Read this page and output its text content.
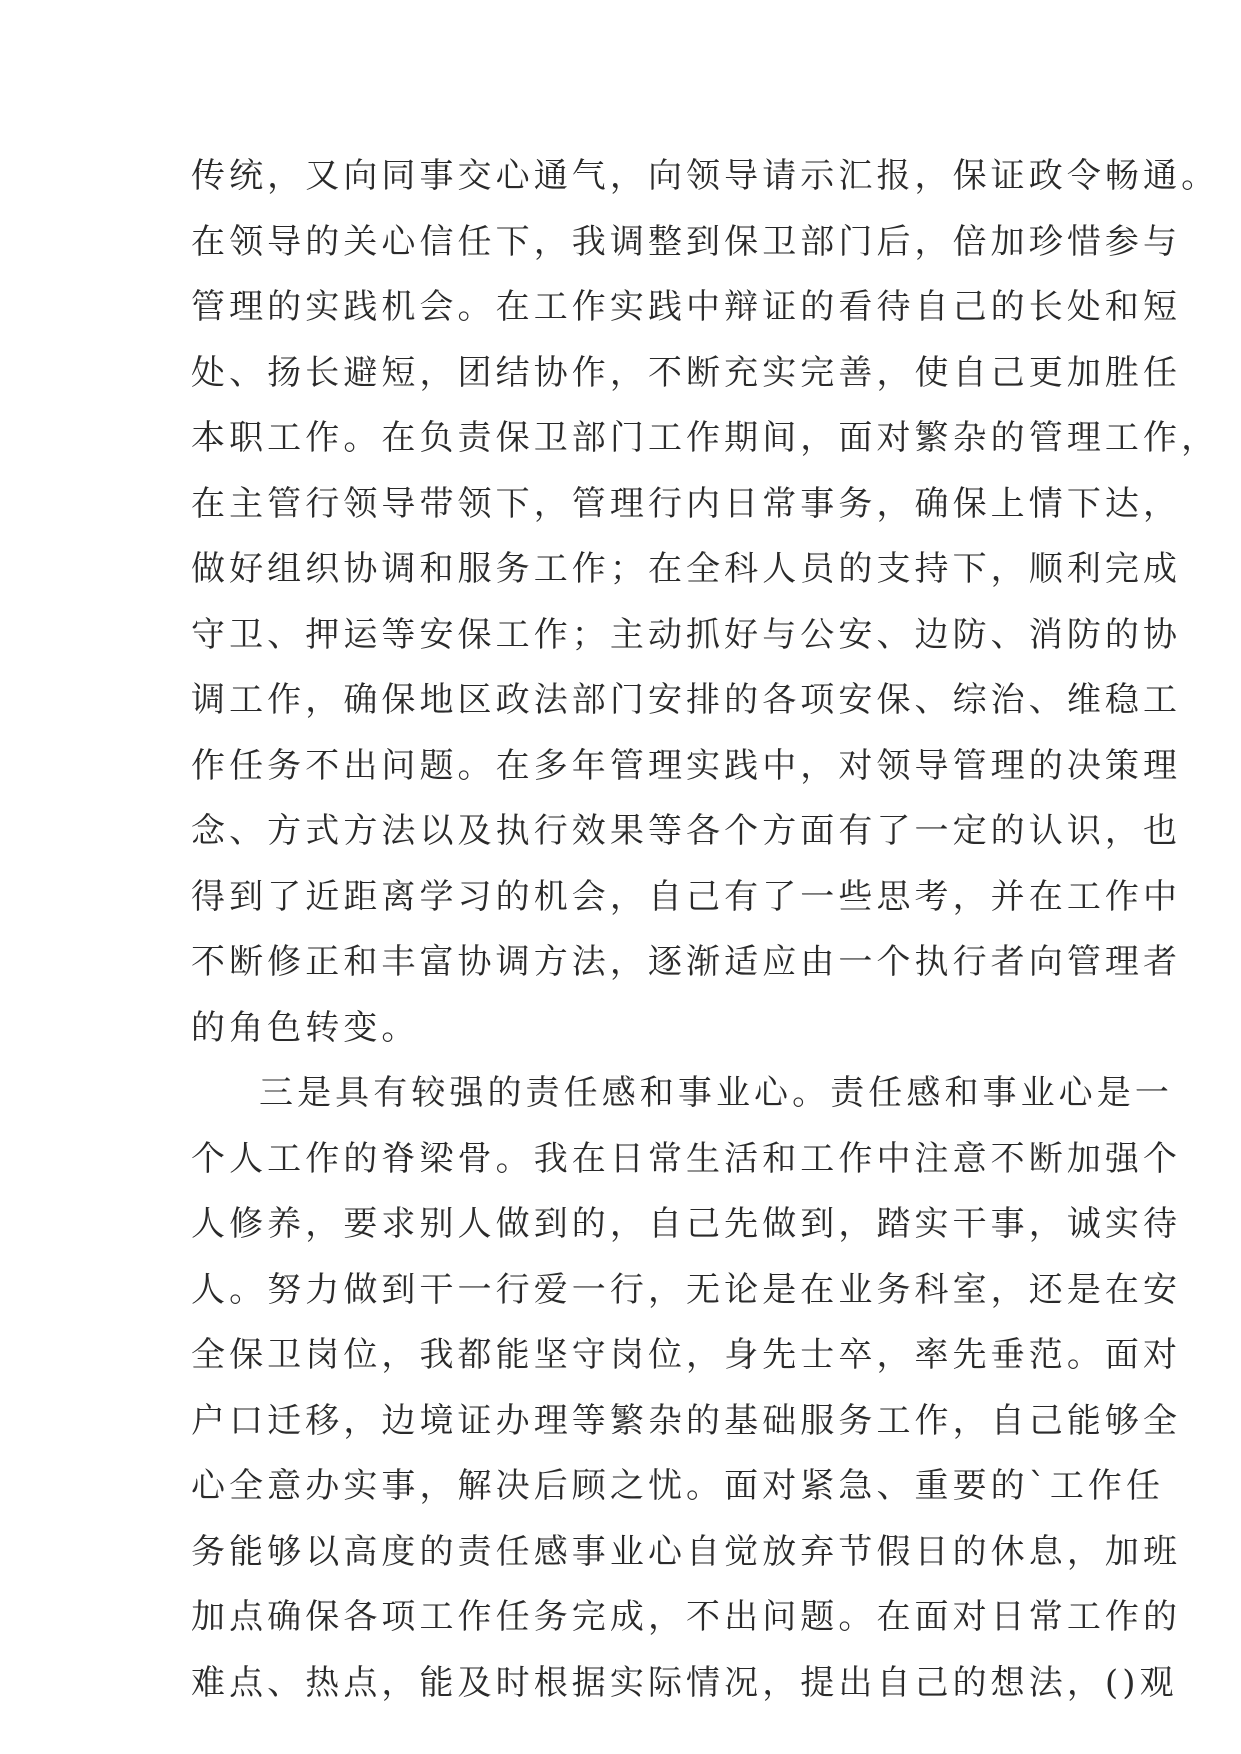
传统，又向同事交心通气，向领导请示汇报，保证政令畅通。
在领导的关心信任下，我调整到保卫部门后，倍加珍惜参与
管理的实践机会。在工作实践中辩证的看待自己的长处和短
处、扬长避短，团结协作，不断充实完善，使自己更加胜任
本职工作。在负责保卫部门工作期间，面对繁杂的管理工作，
在主管行领导带领下，管理行内日常事务，确保上情下达，
做好组织协调和服务工作；在全科人员的支持下，顺利完成
守卫、押运等安保工作；主动抓好与公安、边防、消防的协
调工作，确保地区政法部门安排的各项安保、综治、维稳工
作任务不出问题。在多年管理实践中，对领导管理的决策理
念、方式方法以及执行效果等各个方面有了一定的认识，也
得到了近距离学习的机会，自己有了一些思考，并在工作中
不断修正和丰富协调方法，逐渐适应由一个执行者向管理者
的角色转变。
三是具有较强的责任感和事业心。责任感和事业心是一
个人工作的脊梁骨。我在日常生活和工作中注意不断加强个
人修养，要求别人做到的，自己先做到，踏实干事，诚实待
人。努力做到干一行爱一行，无论是在业务科室，还是在安
全保卫岗位，我都能坚守岗位，身先士卒，率先垂范。面对
户口迁移，边境证办理等繁杂的基础服务工作，自己能够全
心全意办实事，解决后顾之忧。面对紧急、重要的`工作任
务能够以高度的责任感事业心自觉放弃节假日的休息，加班
加点确保各项工作任务完成，不出问题。在面对日常工作的
难点、热点，能及时根据实际情况，提出自己的想法，()观
